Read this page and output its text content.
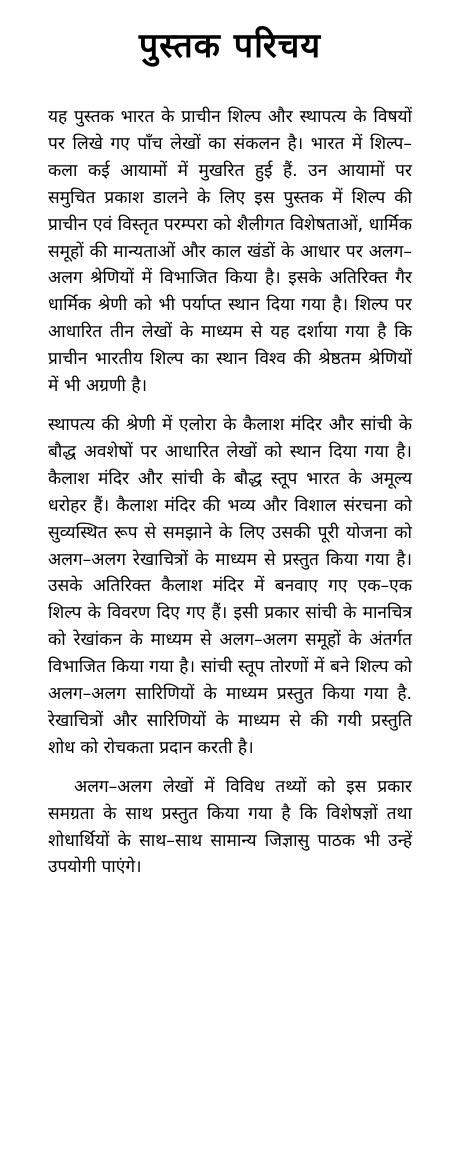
पुस्तक परिचय

यह पुस्तक भारत के प्राचीन शिल्प और स्थापत्य के विषयों पर लिखे गए पाँच लेखों का संकलन है। भारत में शिल्प–कला कई आयामों में मुखरित हुई हैं. उन आयामों पर समुचित प्रकाश डालने के लिए इस पुस्तक में शिल्प की प्राचीन एवं विस्तृत परम्परा को शैलीगत विशेषताओं, धार्मिक समूहों की मान्यताओं और काल खंडों के आधार पर अलग–अलग श्रेणियों में विभाजित किया है। इसके अतिरिक्त गैर धार्मिक श्रेणी को भी पर्याप्त स्थान दिया गया है। शिल्प पर आधारित तीन लेखों के माध्यम से यह दर्शाया गया है कि प्राचीन भारतीय शिल्प का स्थान विश्व की श्रेष्ठतम श्रेणियों में भी अग्रणी है।

स्थापत्य की श्रेणी में एलोरा के कैलाश मंदिर और सांची के बौद्ध अवशेषों पर आधारित लेखों को स्थान दिया गया है। कैलाश मंदिर और सांची के बौद्ध स्तूप भारत के अमूल्य धरोहर हैं। कैलाश मंदिर की भव्य और विशाल संरचना को सुव्यस्थित रूप से समझाने के लिए उसकी पूरी योजना को अलग–अलग रेखाचित्रों के माध्यम से प्रस्तुत किया गया है। उसके अतिरिक्त कैलाश मंदिर में बनवाए गए एक–एक शिल्प के विवरण दिए गए हैं। इसी प्रकार सांची के मानचित्र को रेखांकन के माध्यम से अलग–अलग समूहों के अंतर्गत विभाजित किया गया है। सांची स्तूप तोरणों में बने शिल्प को अलग–अलग सारिणियों के माध्यम प्रस्तुत किया गया है. रेखाचित्रों और सारिणियों के माध्यम से की गयी प्रस्तुति शोध को रोचकता प्रदान करती है।

अलग–अलग लेखों में विविध तथ्यों को इस प्रकार समग्रता के साथ प्रस्तुत किया गया है कि विशेषज्ञों तथा शोधार्थियों के साथ–साथ सामान्य जिज्ञासु पाठक भी उन्हें उपयोगी पाएंगे।
